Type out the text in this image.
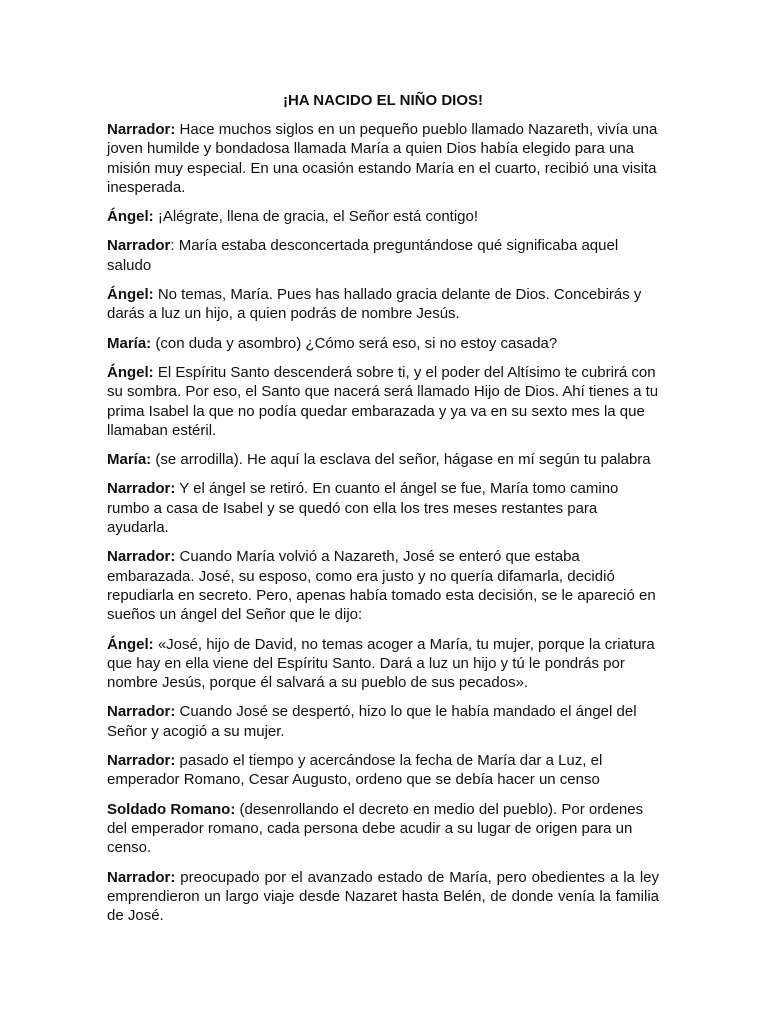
¡HA NACIDO EL NIÑO DIOS!

Narrador: Hace muchos siglos en un pequeño pueblo llamado Nazareth, vivía una joven humilde y bondadosa llamada María a quien Dios había elegido para una misión muy especial. En una ocasión estando María en el cuarto, recibió una visita inesperada.

Ángel: ¡Alégrate, llena de gracia, el Señor está contigo!

Narrador: María estaba desconcertada preguntándose qué significaba aquel saludo

Ángel: No temas, María. Pues has hallado gracia delante de Dios. Concebirás y darás a luz un hijo, a quien podrás de nombre Jesús.

María: (con duda y asombro) ¿Cómo será eso, si no estoy casada?

Ángel: El Espíritu Santo descenderá sobre ti, y el poder del Altísimo te cubrirá con su sombra. Por eso, el Santo que nacerá será llamado Hijo de Dios. Ahí tienes a tu prima Isabel la que no podía quedar embarazada y ya va en su sexto mes la que llamaban estéril.

María: (se arrodilla). He aquí la esclava del señor, hágase en mí según tu palabra

Narrador: Y el ángel se retiró. En cuanto el ángel se fue, María tomo camino rumbo a casa de Isabel y se quedó con ella los tres meses restantes para ayudarla.

Narrador: Cuando María volvió a Nazareth, José se enteró que estaba embarazada. José, su esposo, como era justo y no quería difamarla, decidió repudiarla en secreto. Pero, apenas había tomado esta decisión, se le apareció en sueños un ángel del Señor que le dijo:

Ángel: «José, hijo de David, no temas acoger a María, tu mujer, porque la criatura que hay en ella viene del Espíritu Santo. Dará a luz un hijo y tú le pondrás por nombre Jesús, porque él salvará a su pueblo de sus pecados».

Narrador: Cuando José se despertó, hizo lo que le había mandado el ángel del Señor y acogió a su mujer.

Narrador: pasado el tiempo y acercándose la fecha de María dar a Luz, el emperador Romano, Cesar Augusto, ordeno que se debía hacer un censo

Soldado Romano: (desenrollando el decreto en medio del pueblo). Por ordenes del emperador romano, cada persona debe acudir a su lugar de origen para un censo.

Narrador: preocupado por el avanzado estado de María, pero obedientes a la ley emprendieron un largo viaje desde Nazaret hasta Belén, de donde venía la familia de José.
